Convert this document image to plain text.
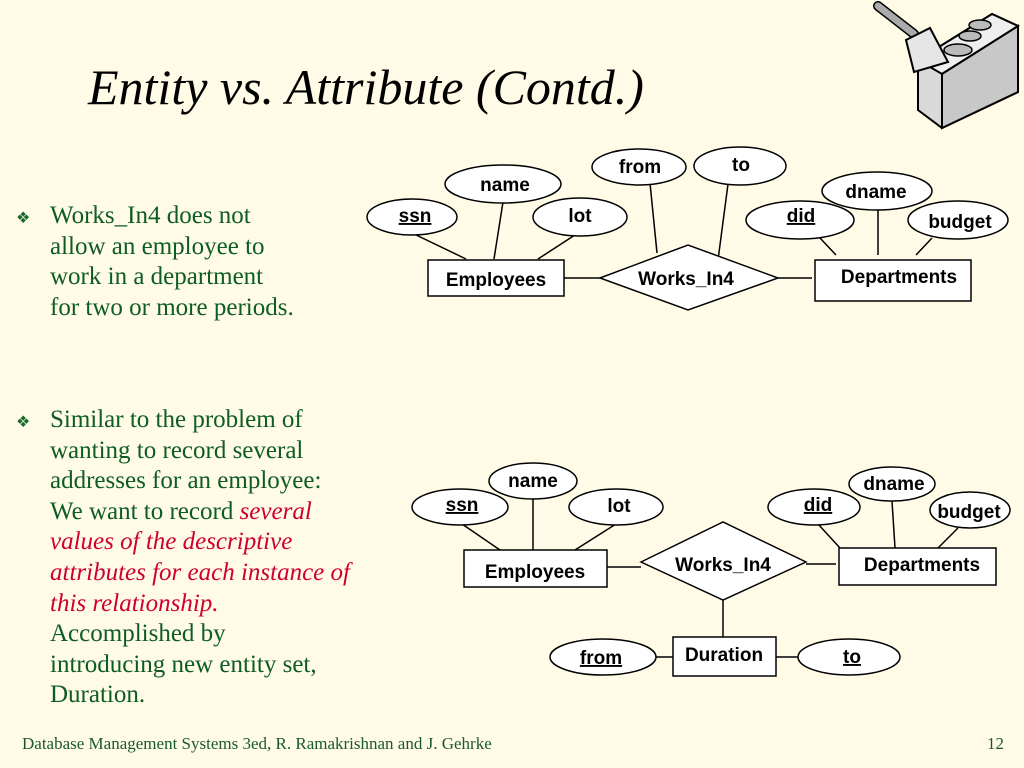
Entity vs. Attribute (Contd.)
❖ Works_In4 does not
allow an employee to
work in a department
for two or more periods.
❖ Similar to the problem of
wanting to record several
addresses for an employee:
We want to record several
values of the descriptive
attributes for each instance of
this relationship.
Accomplished by
introducing new entity set,
Duration.
ssn
name
lot
from	to
did
dname
budget
Employees	Works_In4	Departments
ssn
name
lot	did
dname
budget
Employees	Works_In4	Departments
Duration
from	to
Database Management Systems 3ed, R. Ramakrishnan and J. Gehrke	12
